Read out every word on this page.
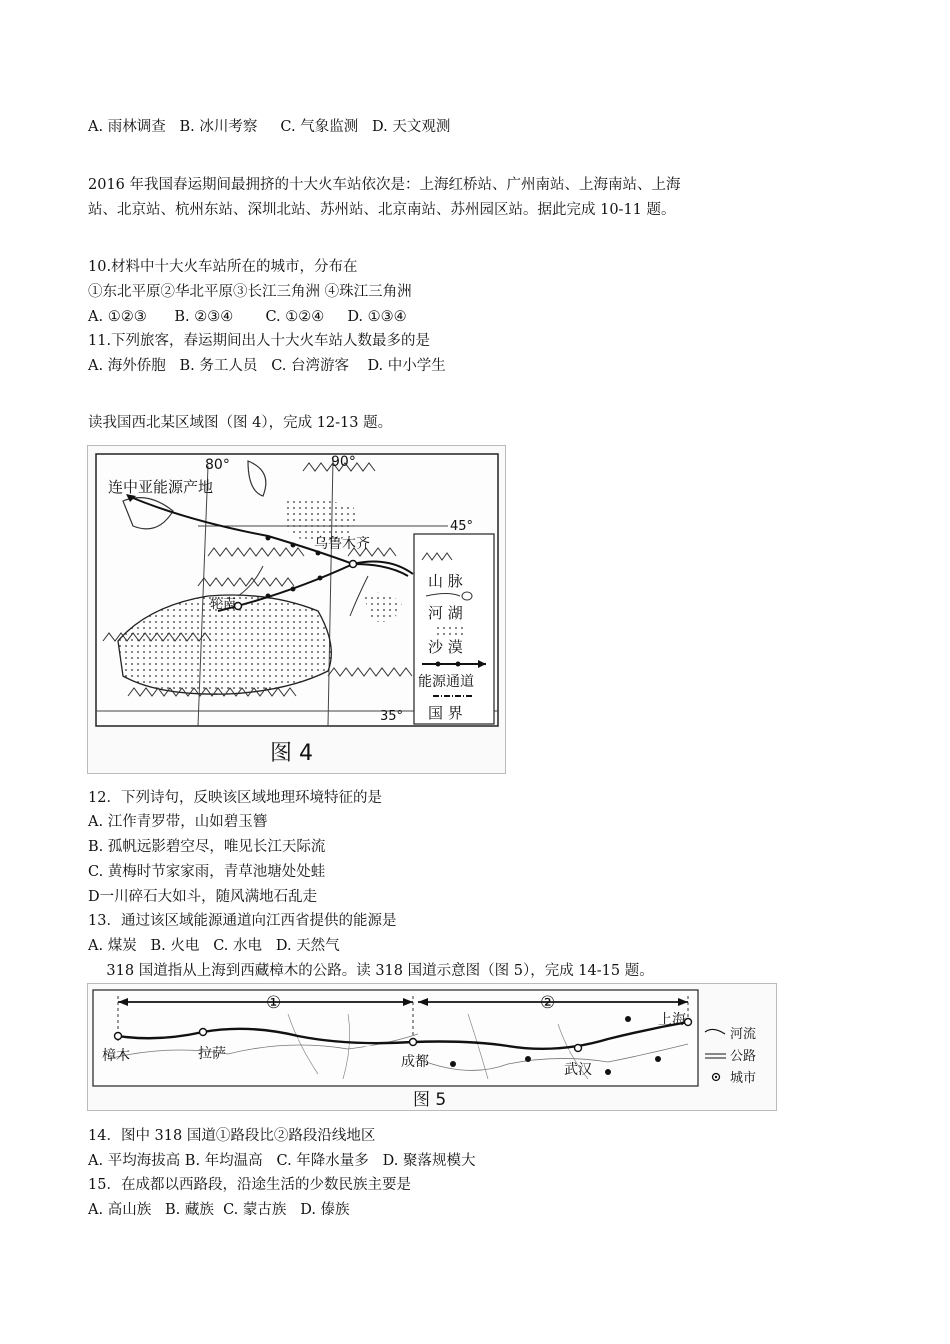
A. 雨林调查   B. 冰川考察     C. 气象监测   D. 天文观测
2016 年我国春运期间最拥挤的十大火车站依次是：上海红桥站、广州南站、上海南站、上海
站、北京站、杭州东站、深圳北站、苏州站、北京南站、苏州园区站。据此完成 10-11 题。
10.材料中十大火车站所在的城市，分布在
①东北平原②华北平原③长江三角洲 ④珠江三角洲
A. ①②③      B. ②③④       C. ①②④     D. ①③④
11.下列旅客，春运期间出人十大火车站人数最多的是
A. 海外侨胞   B. 务工人员   C. 台湾游客    D. 中小学生
读我国西北某区域图（图 4），完成 12-13 题。
80°	90°
45°
35°
连中亚能源产地
乌鲁木齐
轮南
山 脉
河 湖
沙 漠
能源通道
国 界
图 4
12．下列诗句，反映该区域地理环境特征的是
A. 江作青罗带，山如碧玉簪
B. 孤帆远影碧空尽，唯见长江天际流
C. 黄梅时节家家雨，青草池塘处处蛙
D一川碎石大如斗，随风满地石乱走
13．通过该区域能源通道向江西省提供的能源是
A. 煤炭   B. 火电   C. 水电   D. 天然气
318 国道指从上海到西藏樟木的公路。读 318 国道示意图（图 5），完成 14-15 题。
①	②
樟木	拉萨	成都	武汉
上海
河流
公路
城市
图 5
14．图中 318 国道①路段比②路段沿线地区
A. 平均海拔高 B. 年均温高   C. 年降水量多   D. 聚落规模大
15．在成都以西路段，沿途生活的少数民族主要是
A. 高山族   B. 藏族  C. 蒙古族   D. 傣族
